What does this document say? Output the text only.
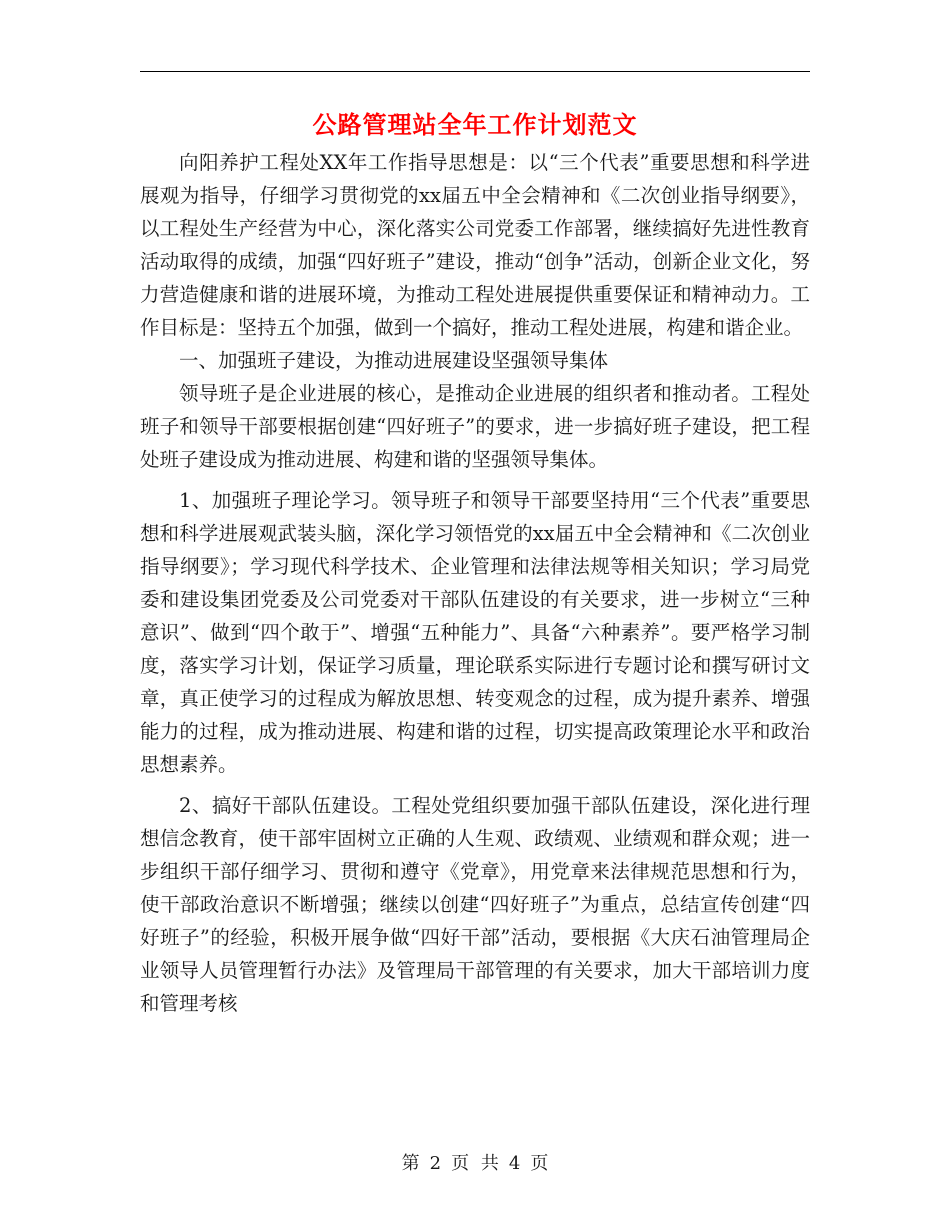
公路管理站全年工作计划范文

向阳养护工程处XX年工作指导思想是：以“三个代表”重要思想和科学进展观为指导，仔细学习贯彻党的xx届五中全会精神和《二次创业指导纲要》，以工程处生产经营为中心，深化落实公司党委工作部署，继续搞好先进性教育活动取得的成绩，加强“四好班子”建设，推动“创争”活动，创新企业文化，努力营造健康和谐的进展环境，为推动工程处进展提供重要保证和精神动力。工作目标是：坚持五个加强，做到一个搞好，推动工程处进展，构建和谐企业。

一、加强班子建设，为推动进展建设坚强领导集体

领导班子是企业进展的核心，是推动企业进展的组织者和推动者。工程处班子和领导干部要根据创建“四好班子”的要求，进一步搞好班子建设，把工程处班子建设成为推动进展、构建和谐的坚强领导集体。

1、加强班子理论学习。领导班子和领导干部要坚持用“三个代表”重要思想和科学进展观武装头脑，深化学习领悟党的xx届五中全会精神和《二次创业指导纲要》；学习现代科学技术、企业管理和法律法规等相关知识；学习局党委和建设集团党委及公司党委对干部队伍建设的有关要求，进一步树立“三种意识”、做到“四个敢于”、增强“五种能力”、具备“六种素养”。要严格学习制度，落实学习计划，保证学习质量，理论联系实际进行专题讨论和撰写研讨文章，真正使学习的过程成为解放思想、转变观念的过程，成为提升素养、增强能力的过程，成为推动进展、构建和谐的过程，切实提高政策理论水平和政治思想素养。

2、搞好干部队伍建设。工程处党组织要加强干部队伍建设，深化进行理想信念教育，使干部牢固树立正确的人生观、政绩观、业绩观和群众观；进一步组织干部仔细学习、贯彻和遵守《党章》，用党章来法律规范思想和行为，使干部政治意识不断增强；继续以创建“四好班子”为重点，总结宣传创建“四好班子”的经验，积极开展争做“四好干部”活动，要根据《大庆石油管理局企业领导人员管理暂行办法》及管理局干部管理的有关要求，加大干部培训力度和管理考核

第 2 页 共 4 页
